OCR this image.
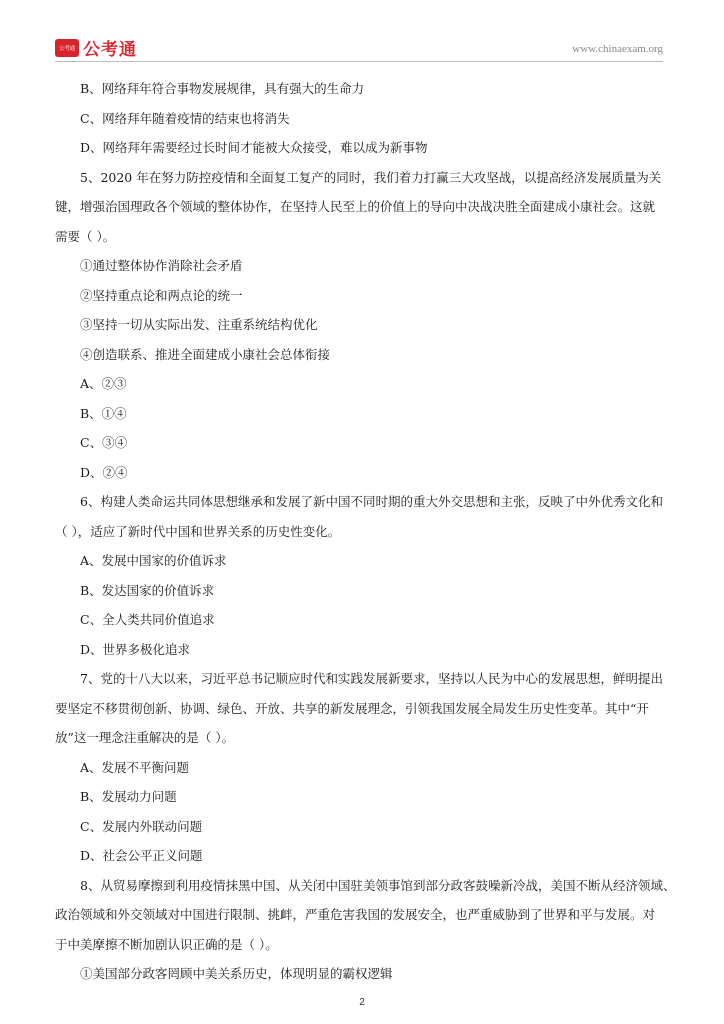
公考通 公考通	www.chinaexam.org
B、网络拜年符合事物发展规律，具有强大的生命力
C、网络拜年随着疫情的结束也将消失
D、网络拜年需要经过长时间才能被大众接受，难以成为新事物
5、2020 年在努力防控疫情和全面复工复产的同时，我们着力打赢三大攻坚战，以提高经济发展质量为关
键，增强治国理政各个领域的整体协作，在坚持人民至上的价值上的导向中决战决胜全面建成小康社会。这就
需要（ ）。
①通过整体协作消除社会矛盾
②坚持重点论和两点论的统一
③坚持一切从实际出发、注重系统结构优化
④创造联系、推进全面建成小康社会总体衔接
A、②③
B、①④
C、③④
D、②④
6、构建人类命运共同体思想继承和发展了新中国不同时期的重大外交思想和主张，反映了中外优秀文化和
（ ），适应了新时代中国和世界关系的历史性变化。
A、发展中国家的价值诉求
B、发达国家的价值诉求
C、全人类共同价值追求
D、世界多极化追求
7、党的十八大以来，习近平总书记顺应时代和实践发展新要求，坚持以人民为中心的发展思想，鲜明提出
要坚定不移贯彻创新、协调、绿色、开放、共享的新发展理念，引领我国发展全局发生历史性变革。其中“开
放”这一理念注重解决的是（ ）。
A、发展不平衡问题
B、发展动力问题
C、发展内外联动问题
D、社会公平正义问题
8、从贸易摩擦到利用疫情抹黑中国、从关闭中国驻美领事馆到部分政客鼓噪新冷战，美国不断从经济领域、
政治领域和外交领域对中国进行限制、挑衅，严重危害我国的发展安全，也严重威胁到了世界和平与发展。对
于中美摩擦不断加剧认识正确的是（ ）。
①美国部分政客罔顾中美关系历史，体现明显的霸权逻辑
2
